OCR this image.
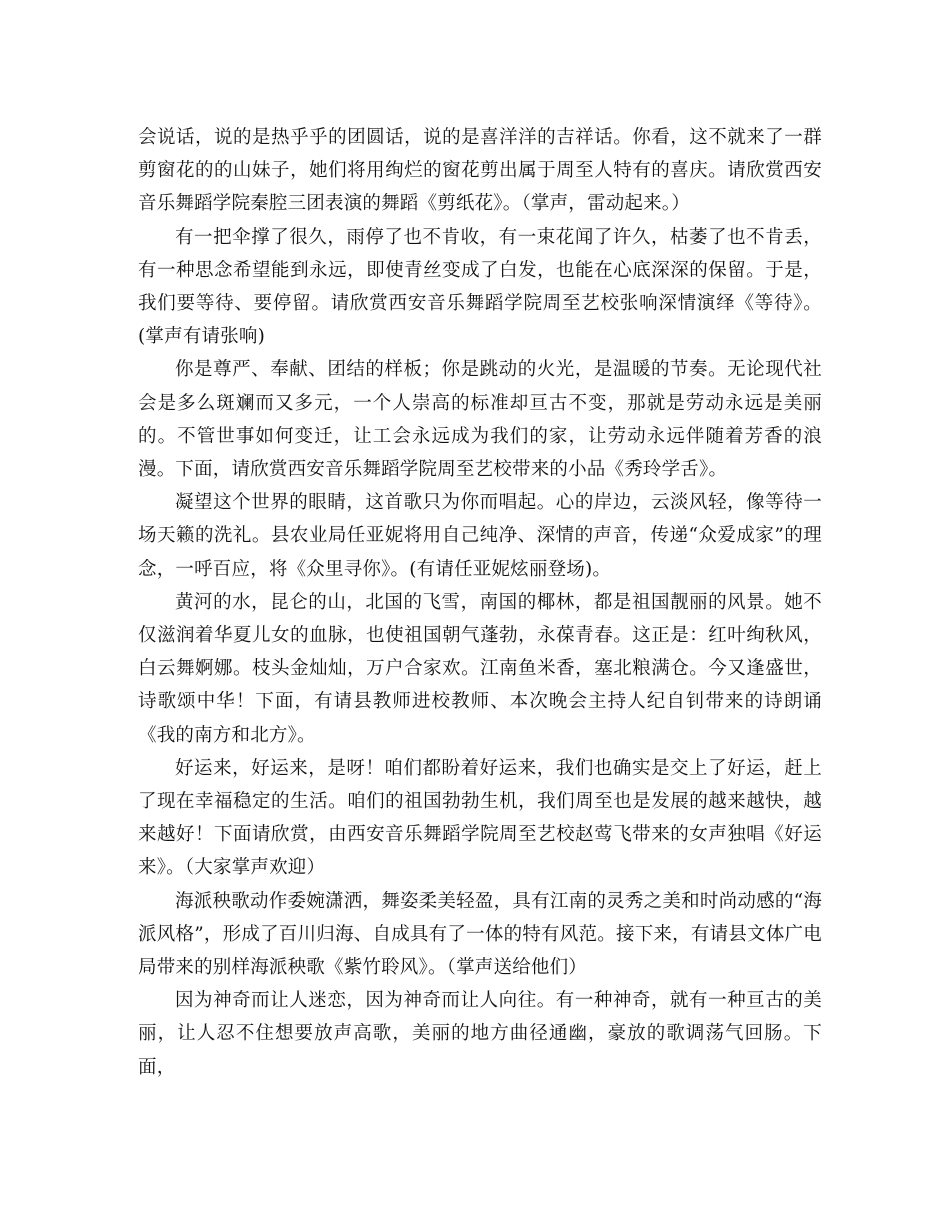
会说话，说的是热乎乎的团圆话，说的是喜洋洋的吉祥话。你看，这不就来了一群剪窗花的的山妹子，她们将用绚烂的窗花剪出属于周至人特有的喜庆。请欣赏西安音乐舞蹈学院秦腔三团表演的舞蹈《剪纸花》。（掌声，雷动起来。）

有一把伞撑了很久，雨停了也不肯收，有一束花闻了许久，枯萎了也不肯丢，有一种思念希望能到永远，即使青丝变成了白发，也能在心底深深的保留。于是，我们要等待、要停留。请欣赏西安音乐舞蹈学院周至艺校张响深情演绎《等待》。(掌声有请张响)

你是尊严、奉献、团结的样板；你是跳动的火光，是温暖的节奏。无论现代社会是多么斑斓而又多元，一个人崇高的标准却亘古不变，那就是劳动永远是美丽的。不管世事如何变迁，让工会永远成为我们的家，让劳动永远伴随着芳香的浪漫。下面，请欣赏西安音乐舞蹈学院周至艺校带来的小品《秀玲学舌》。

凝望这个世界的眼睛，这首歌只为你而唱起。心的岸边，云淡风轻，像等待一场天籁的洗礼。县农业局任亚妮将用自己纯净、深情的声音，传递“众爱成家”的理念，一呼百应，将《众里寻你》。(有请任亚妮炫丽登场)。

黄河的水，昆仑的山，北国的飞雪，南国的椰林，都是祖国靓丽的风景。她不仅滋润着华夏儿女的血脉，也使祖国朝气蓬勃，永葆青春。这正是：红叶绚秋风，白云舞婀娜。枝头金灿灿，万户合家欢。江南鱼米香，塞北粮满仓。今又逢盛世，诗歌颂中华！下面，有请县教师进校教师、本次晚会主持人纪自钊带来的诗朗诵《我的南方和北方》。

好运来，好运来，是呀！咱们都盼着好运来，我们也确实是交上了好运，赶上了现在幸福稳定的生活。咱们的祖国勃勃生机，我们周至也是发展的越来越快，越来越好！下面请欣赏，由西安音乐舞蹈学院周至艺校赵莺飞带来的女声独唱《好运来》。（大家掌声欢迎）

海派秧歌动作委婉潇洒，舞姿柔美轻盈，具有江南的灵秀之美和时尚动感的“海派风格”，形成了百川归海、自成具有了一体的特有风范。接下来，有请县文体广电局带来的别样海派秧歌《紫竹聆风》。（掌声送给他们）

因为神奇而让人迷恋，因为神奇而让人向往。有一种神奇，就有一种亘古的美丽，让人忍不住想要放声高歌，美丽的地方曲径通幽，豪放的歌调荡气回肠。下面，
